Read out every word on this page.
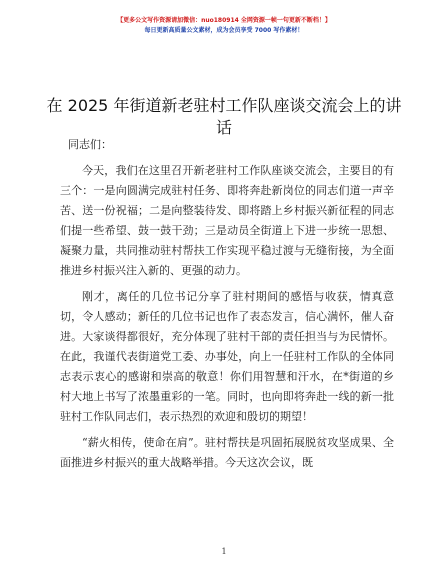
【更多公文写作资源请加微信：nuo180914 全网资源一帧一句更新不断档！】
每日更新高质量公文素材，成为会员享受 7000 写作素材！
在 2025 年街道新老驻村工作队座谈交流会上的讲话

同志们：

今天，我们在这里召开新老驻村工作队座谈交流会，主要目的有三个：一是向圆满完成驻村任务、即将奔赴新岗位的同志们道一声辛苦、送一份祝福；二是向整装待发、即将踏上乡村振兴新征程的同志们提一些希望、鼓一鼓干劲；三是动员全街道上下进一步统一思想、凝聚力量，共同推动驻村帮扶工作实现平稳过渡与无缝衔接，为全面推进乡村振兴注入新的、更强的动力。

刚才，离任的几位书记分享了驻村期间的感悟与收获，情真意切，令人感动；新任的几位书记也作了表态发言，信心满怀，催人奋进。大家谈得都很好，充分体现了驻村干部的责任担当与为民情怀。在此，我谨代表街道党工委、办事处，向上一任驻村工作队的全体同志表示衷心的感谢和崇高的敬意！你们用智慧和汗水，在*街道的乡村大地上书写了浓墨重彩的一笔。同时，也向即将奔赴一线的新一批驻村工作队同志们，表示热烈的欢迎和殷切的期望！

“薪火相传，使命在肩”。驻村帮扶是巩固拓展脱贫攻坚成果、全面推进乡村振兴的重大战略举措。今天这次会议，既

1
